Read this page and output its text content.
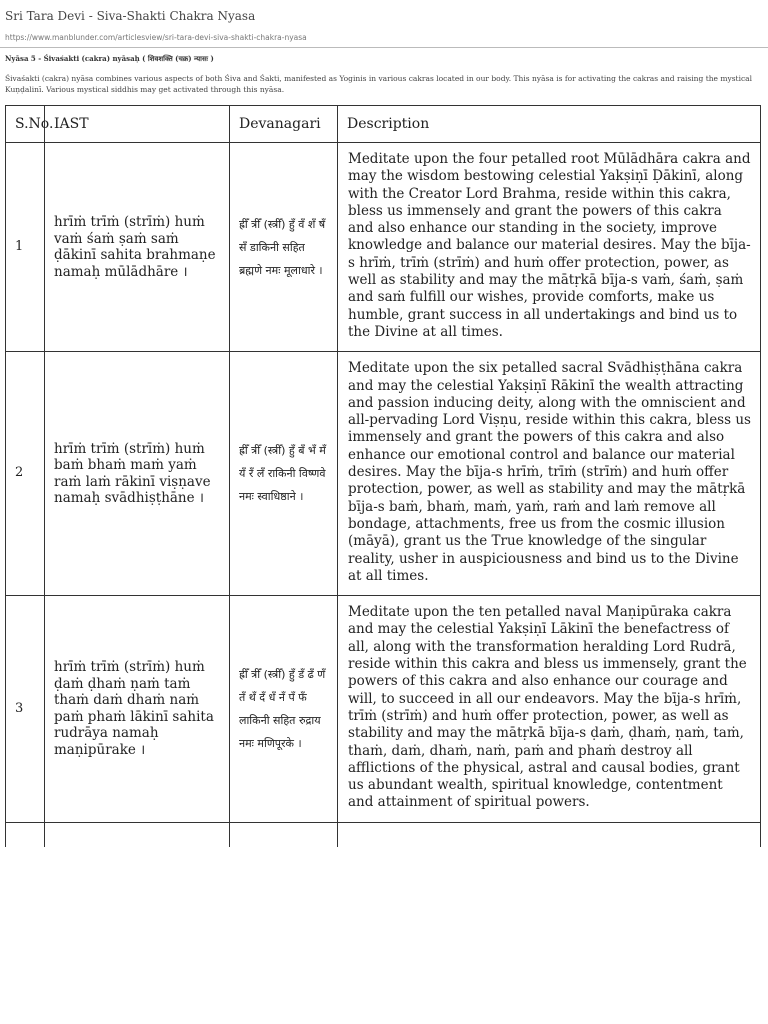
Sri Tara Devi - Siva-Shakti Chakra Nyasa
https://www.manblunder.com/articlesview/sri-tara-devi-siva-shakti-chakra-nyasa
Nyāsa 5 - Śivaśakti (cakra) nyāsaḥ ( शिवशक्ति (चक्र) न्यासः )
Śivaśakti (cakra) nyāsa combines various aspects of both Śiva and Śakti, manifested as Yoginis in various cakras located in our body. This nyāsa is for activating the cakras and raising the mystical Kuṇḍalinī. Various mystical siddhis may get activated through this nyāsa.
S.No.	IAST	Devanagari	Description
1	hrīṁ trīṁ (strīṁ) huṁ vaṁ śaṁ ṣaṁ saṁ ḍākinī sahita brahmaṇe namaḥ mūlādhāre ।	ह्रीँ त्रीँ (स्त्रीँ) हुँ वँ शँ षँ सँ डाकिनी सहित ब्रह्मणे नमः मूलाधारे ।	Meditate upon the four petalled root Mūlādhāra cakra and may the wisdom bestowing celestial Yakṣiṇī Ḍākinī, along with the Creator Lord Brahma, reside within this cakra, bless us immensely and grant the powers of this cakra and also enhance our standing in the society, improve knowledge and balance our material desires. May the bīja-s hrīṁ, trīṁ (strīṁ) and huṁ offer protection, power, as well as stability and may the mātṛkā bīja-s vaṁ, śaṁ, ṣaṁ and saṁ fulfill our wishes, provide comforts, make us humble, grant success in all undertakings and bind us to the Divine at all times.
2	hrīṁ trīṁ (strīṁ) huṁ baṁ bhaṁ maṁ yaṁ raṁ laṁ rākinī viṣṇave namaḥ svādhiṣṭhāne ।	ह्रीँ त्रीँ (स्त्रीँ) हुँ बँ भँ मँ यँ रँ लँ राकिनी विष्णवे नमः स्वाधिष्ठाने ।	Meditate upon the six petalled sacral Svādhiṣṭhāna cakra and may the celestial Yakṣiṇī Rākinī the wealth attracting and passion inducing deity, along with the omniscient and all-pervading Lord Viṣṇu, reside within this cakra, bless us immensely and grant the powers of this cakra and also enhance our emotional control and balance our material desires. May the bīja-s hrīṁ, trīṁ (strīṁ) and huṁ offer protection, power, as well as stability and may the mātṛkā bīja-s baṁ, bhaṁ, maṁ, yaṁ, raṁ and laṁ remove all bondage, attachments, free us from the cosmic illusion (māyā), grant us the True knowledge of the singular reality, usher in auspiciousness and bind us to the Divine at all times.
3	hrīṁ trīṁ (strīṁ) huṁ ḍaṁ ḍhaṁ ṇaṁ taṁ thaṁ daṁ dhaṁ naṁ paṁ phaṁ lākinī sahita rudrāya namaḥ maṇipūrake ।	ह्रीँ त्रीँ (स्त्रीँ) हुँ डँ ढँ णँ तँ थँ दँ धँ नँ पँ फँ लाकिनी सहित रुद्राय नमः मणिपूरके ।	Meditate upon the ten petalled naval Maṇipūraka cakra and may the celestial Yakṣiṇī Lākinī the benefactress of all, along with the transformation heralding Lord Rudrā, reside within this cakra and bless us immensely, grant the powers of this cakra and also enhance our courage and will, to succeed in all our endeavors. May the bīja-s hrīṁ, trīṁ (strīṁ) and huṁ offer protection, power, as well as stability and may the mātṛkā bīja-s ḍaṁ, ḍhaṁ, ṇaṁ, taṁ, thaṁ, daṁ, dhaṁ, naṁ, paṁ and phaṁ destroy all afflictions of the physical, astral and causal bodies, grant us abundant wealth, spiritual knowledge, contentment and attainment of spiritual powers.
